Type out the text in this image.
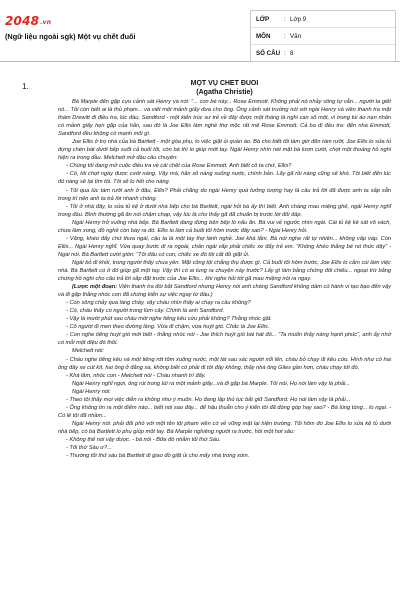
2048.vn
(Ngữ liệu ngoài sgk) Một vụ chết đuối
LỚP	: Lớp 9
MÔN	: Văn
SỐ CÂU : 8
1.	MỘT VỤ CHẾT ĐUỐI

(Agatha Christie)

Bà Marple đến gặp cựu cảnh sát Henry và nói: "... con bé này... Rose Emmott. Không phải nó nhảy sông tự vẫn... người ta giết nó... Tôi còn biết ai là thủ phạm... và viết một mảnh giấy đưa cho ông. Ông cảnh sát trưởng nói với ngài Henry và viên thanh tra mặt thám Drewitt đi điều tra, lúc đầu, Sandford - một kiến trúc sư trẻ về đây được một tháng là nghi can số một, vì trong túi áo nạn nhân có mảnh giấy hẹn gặp của hắn, sau đó là Joe Ellis làm nghề thợ mộc rất mê Rose Emmott. Cả ba đi đều tra: đến nhà Emmott, Sandford đều không có mạnh mối gì.

Joe Ellis ở trọ nhà của bà Bartlett - một góa phụ, lo việc giặt ủi quần áo. Bà cho biết tối tám giờ đến tám rưỡi, Joe Ellis lo sửa tủ đựng chén bát dưới bếp suốt cả buổi tối, còn bà thì lo giúp mớt tay. Ngài Henry nhìn nét mặt bà lươn cười, chợt một thoáng hồ nghi hiện ra trong đầu. Melchett mở đầu câu chuyện:

- Chúng tôi đang mở cuộc điều tra về cái chết của Rose Emmott. Anh biết cô ta chứ, Ellis?

- Có, tôi chợt ngày được cưới nàng. Vậy mà, hắn xô nàng xuống nước, chính bản. Lấy gã rồi nàng cũng sẽ khó. Tôi biết đến lúc đó nàng sẽ lại tìm tôi. Tôi sẽ lo hết cho nàng.

- Tối qua lúc tám rưỡi anh ở đâu, Ellis? Phải chăng do ngài Henry quá tưởng tượng hay là câu trả lời đã được anh ta sắp sẵn trong trí nên anh ta trả lời nhanh chóng.

- Tôi ở nhà đây, lo sửa tủ kệ ở dưới nhà bếp cho bà Bartlett, ngài hỏi bà ấy thì biết. Anh chàng mau miệng ghê, ngài Henry nghĩ trong đầu. Bình thường gã ăn nói chậm chạp, vậy lúc là cho thấy gã đã chuẩn bị trước lời đối đáp.

Ngài Henry trở xuống nhà bếp. Bà Bartlett đang đứng bên bếp lò nấu ăn. Bà vui vẻ ngước nhìn ngài. Cái tủ kệ kê sát vô vách, chưa làm xong, đồ nghề còn bày ra đó. Ellis lo làm cả buổi tối hôm trước đấy sao? - Ngài Henry hỏi.

- Vâng, khéo đấy chứ thưa ngài, cậu ta là một tay thợ lành nghề. Joe khá lắm. Bà nói nghe rất tự nhiên... không vấp váp. Còn Ellis... Ngài Henry nghĩ. Vừa quay bước đi ra ngoài, chân ngài vấp phải chiếc xe đẩy trẻ em. "Không khéo thằng bé nó thức dậy" - Ngài nói. Bà Bartlett cười giòn: "Tôi đâu có con, chiếc xe đó tôi cất đồ giặt ủi.

Ngài bỏ đi khỏi, trong người thấy chua yên. Mặt công tội chẳng thụ được gì. Cả buổi tối hôm trước, Joe Ellis lo cắm cúi làm việc nhà. Bà Bartlett có ở đó giúp gã một tay. Vậy thì có ai tung ra chuyện này trước? Lấy gì làm bằng chứng đối chiếu... ngoại trừ bằng chứng hồ nghi cho câu trả lời sắp đặt trước của Joe Ellis... khi nghe hỏi tới gã mau miệng nói ra ngay.

(Lược một đoạn: Viên thanh tra đòi bắt Sandford nhưng Henry nói anh chàng Sandford không dám có hành vi tạo bạo đến vậy và đi gặp thằng nhóc con đã chứng kiến sự việc ngay từ đầu.)

- Con sông chảy qua làng chảy, vậy cháu nhìn thấy ai chạy ra cầu không?

- Có, cháu thấy có người trong lùm cây. Chính là anh Sandford.

- Vậy là mười phút sau cháu mới nghe tiếng kêu cứu phải không? Thằng nhóc gật.

- Cô người đi men theo đường làng. Vừa đi chậm, vừa huýt gió. Chắc là Joe Ellis.

- Con nghe tiếng huýt gió mới biết - thằng nhóc nói - Joe thích huýt gió bài hát đó... "Ta muốn thấy nàng hạnh phúc", anh ấy nhớ có mỗi một điệu đó thôi.

Melchett nói:

- Cháu nghe tiếng kêu và một tiếng rớt tõm xuống nước, một lát sau xác người nổi lên, cháu bỏ chạy đi kêu cứu. Hình như có hai ông đây xe cút kít, hai ông ở đằng xa, không biết có phải đi tới đây không, thấy nhà ông Giles gần hơn, cháu chạy tới đó.

- Khá lắm, nhóc con - Melchett nói - Cháu nhanh trí đấy.

Ngài Henry nghĩ ngợi, ông rút trong túi ra một mảnh giấy...và đi gặp bà Marple. Tôi nói, Họ nói làm vậy là phải...

Ngài Henry nói:

- Theo tôi thấy mọi việc diễn ra không như ý muốn. Họ đang lập thủ tục bắt giữ Sandford. Họ nói làm vậy là phải...

- Ông không tin ra một điểm nào... biết nói sao đây... để hậu thuẫn cho ý kiến tôi đã đóng góp hay sao? - Bà lúng túng... lo ngại. - Có lẽ tôi đã nhầm...

Ngài Henry nói: phải đối phó với một tên tội phạm viên có vẻ vững mật lại hiện trường. Tối hôm đó Joe Ellis lo sửa kệ tủ dưới nhà bếp, có bà Bartlett lo phụ giúp một tay. Bà Marple nghiêng người ra trước, hồi một hơi sâu:

- Không thể nói vậy được. - bà nói - Bữa đó nhằm tối thứ Sáu.

- Tối thứ Sáu ư?...

- Thường tối thứ sáu bà Bartlett đi giao đồ giặt ủi cho mấy nhà trong xóm.
